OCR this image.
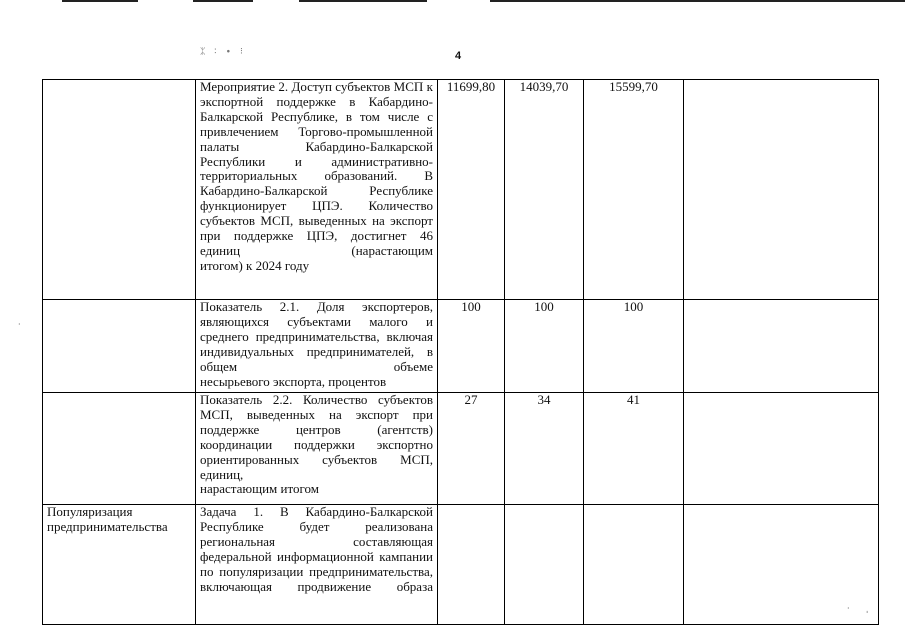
4
ᛯ ∶ ∙ ⁝
	Мероприятие 2. Доступ субъектов МСП к экспортной поддержке в Кабардино-Балкарской Республике, в том числе с привлечением Торгово-промышленной палаты Кабардино-Балкарской Республики и административно-территориальных образований. В Кабардино-Балкарской Республике функционирует ЦПЭ. Количество субъектов МСП, выведенных на экспорт при поддержке ЦПЭ, достигнет 46 единиц (нарастающим
итогом) к 2024 году	11699,80	14039,70	15599,70	
	Показатель 2.1. Доля экспортеров, являющихся субъектами малого и среднего предпринимательства, включая индивидуальных предпринимателей, в общем объеме
несырьевого экспорта, процентов	100	100	100	
	Показатель 2.2. Количество субъектов МСП, выведенных на экспорт при поддержке центров (агентств) координации поддержки экспортно ориентированных субъектов МСП, единиц,
нарастающим итогом	27	34	41	
Популяризация предпринимательства	Задача 1. В Кабардино-Балкарской Республике будет реализована региональная составляющая федеральной информационной кампании по популяризации предпринимательства, включающая продвижение образа

· ˌ
·
